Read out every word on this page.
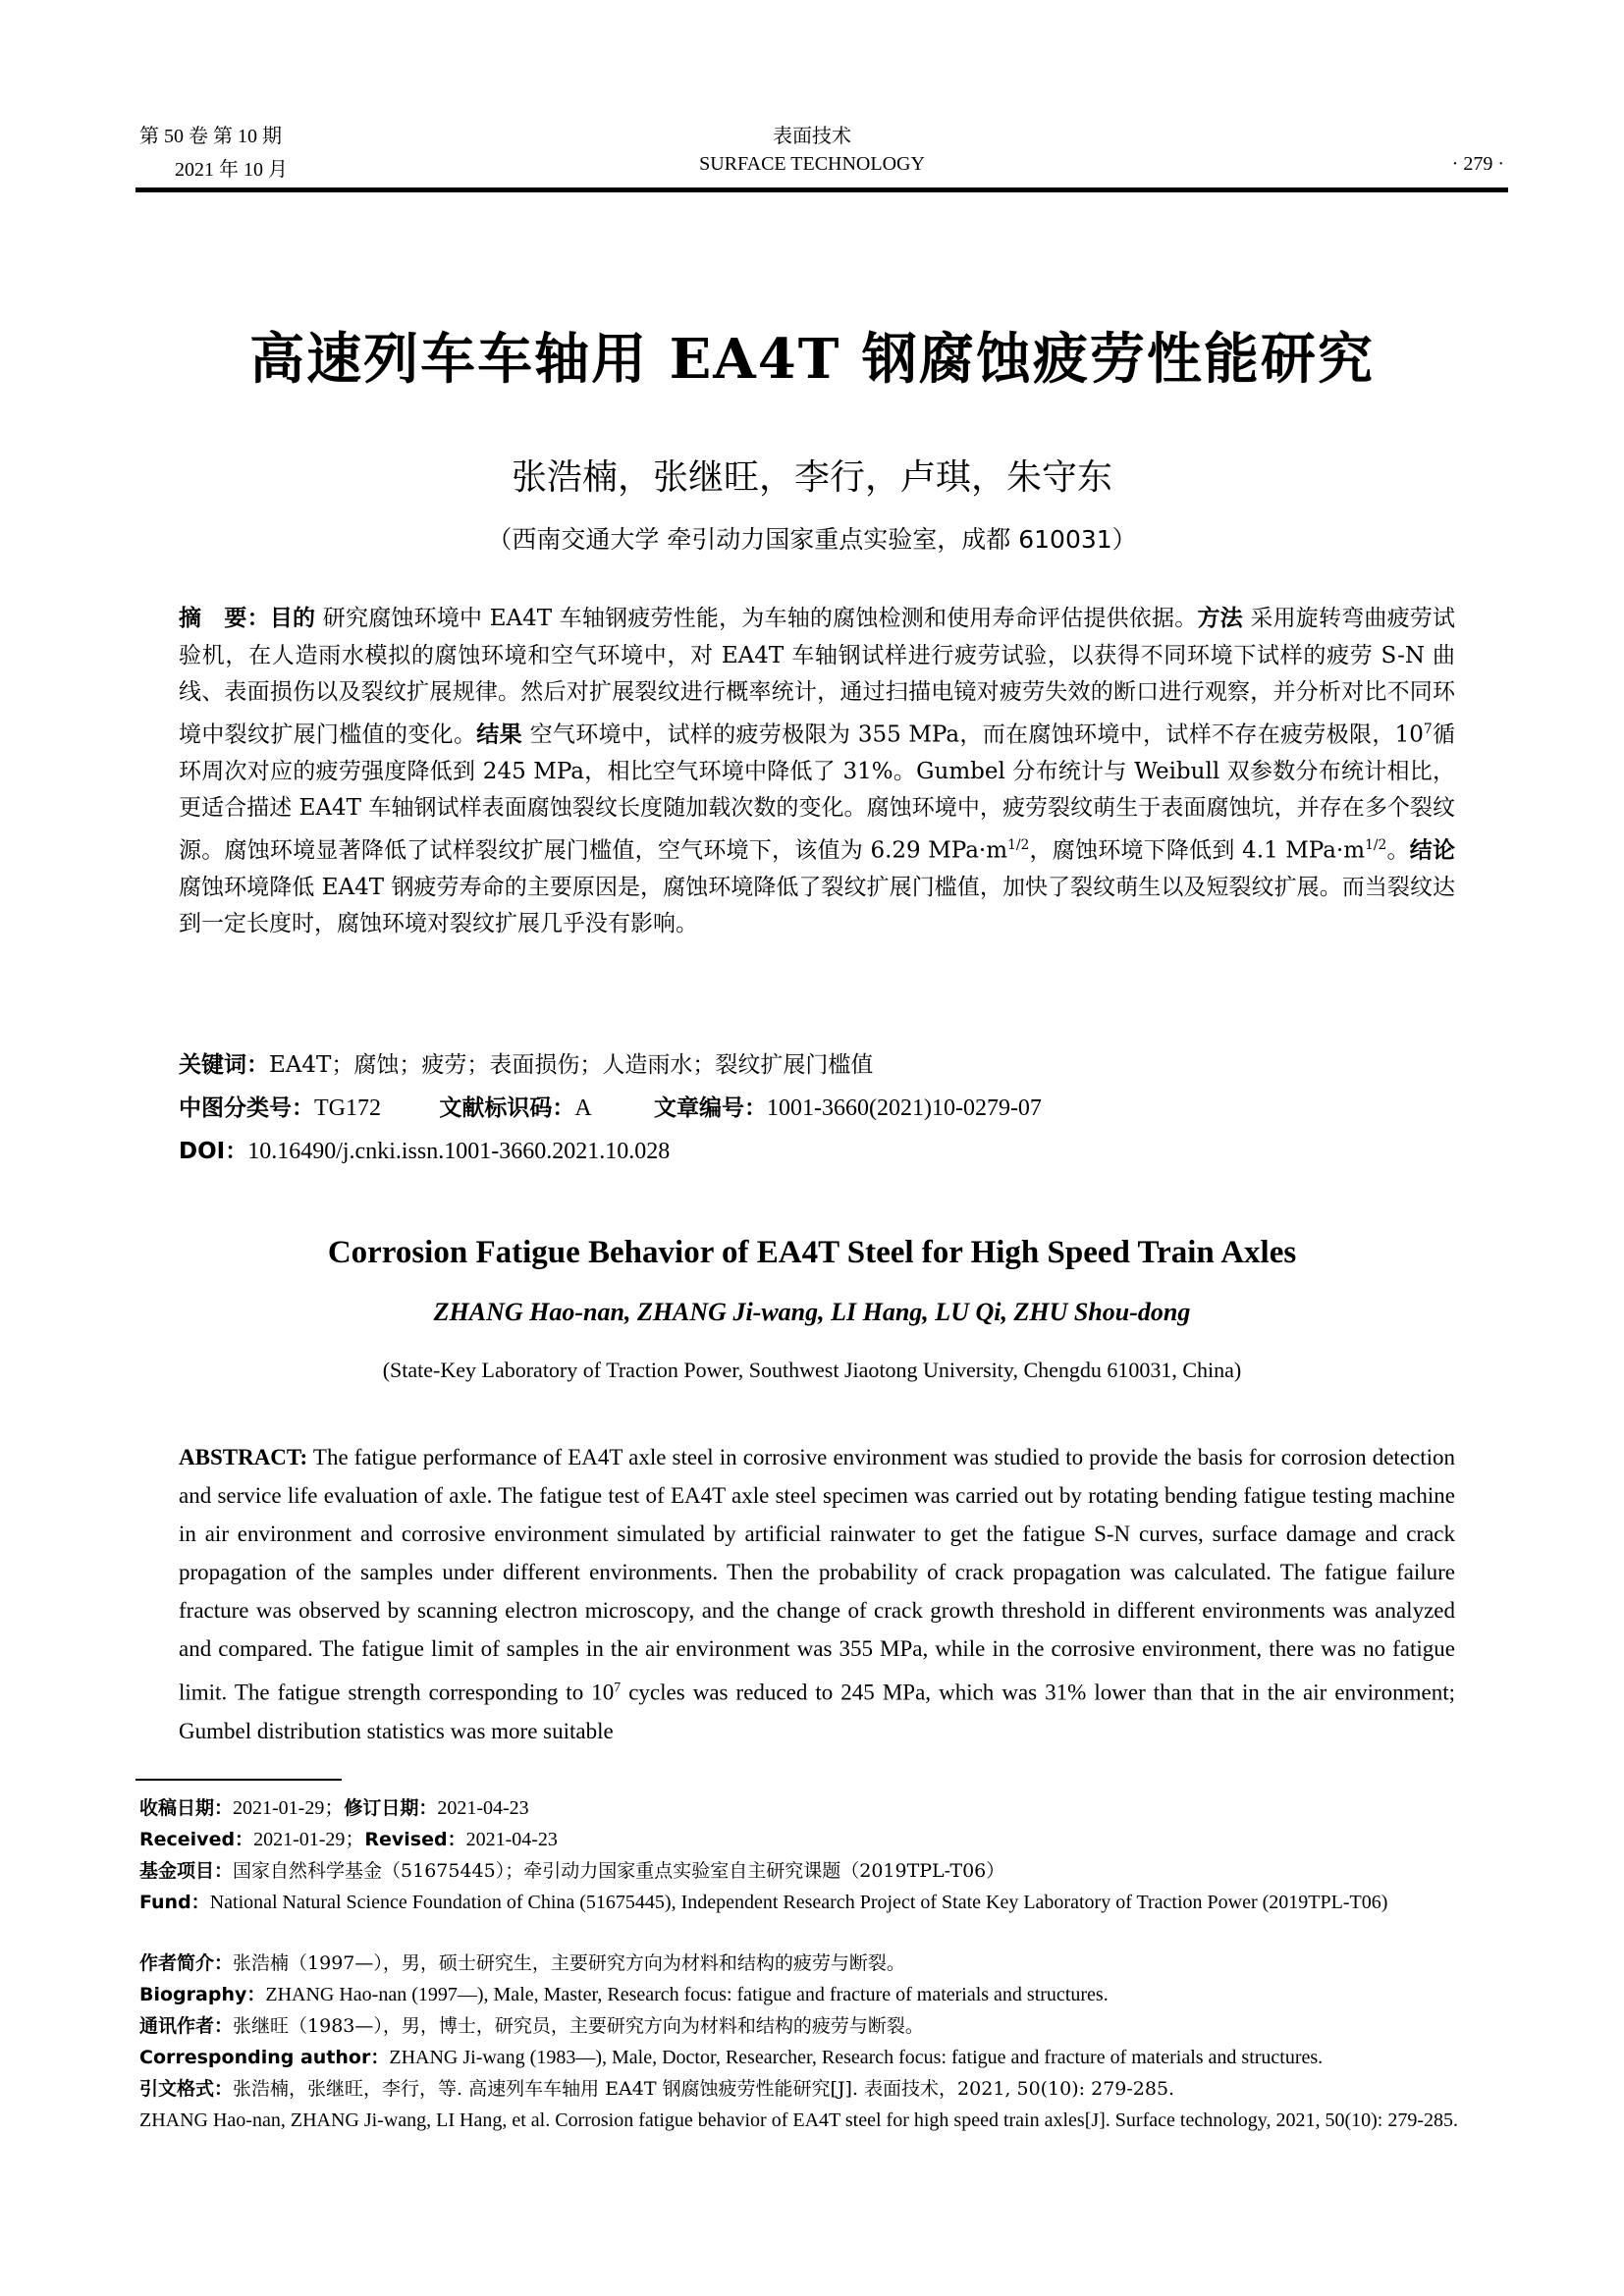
第 50 卷 第 10 期
2021 年 10 月
表面技术
SURFACE TECHNOLOGY	· 279 ·
高速列车车轴用 EA4T 钢腐蚀疲劳性能研究
张浩楠，张继旺，李行，卢琪，朱守东
（西南交通大学 牵引动力国家重点实验室，成都 610031）
摘　要：目的 研究腐蚀环境中 EA4T 车轴钢疲劳性能，为车轴的腐蚀检测和使用寿命评估提供依据。方法 采用旋转弯曲疲劳试验机，在人造雨水模拟的腐蚀环境和空气环境中，对 EA4T 车轴钢试样进行疲劳试验，以获得不同环境下试样的疲劳 S-N 曲线、表面损伤以及裂纹扩展规律。然后对扩展裂纹进行概率统计，通过扫描电镜对疲劳失效的断口进行观察，并分析对比不同环境中裂纹扩展门槛值的变化。结果 空气环境中，试样的疲劳极限为 355 MPa，而在腐蚀环境中，试样不存在疲劳极限，$10^7$循环周次对应的疲劳强度降低到 245 MPa，相比空气环境中降低了 31%。Gumbel 分布统计与 Weibull 双参数分布统计相比，更适合描述 EA4T 车轴钢试样表面腐蚀裂纹长度随加载次数的变化。腐蚀环境中，疲劳裂纹萌生于表面腐蚀坑，并存在多个裂纹源。腐蚀环境显著降低了试样裂纹扩展门槛值，空气环境下，该值为 6.29 $MPa\cdot m^{1/2}$，腐蚀环境下降低到 4.1 $MPa\cdot m^{1/2}$。结论 腐蚀环境降低 EA4T 钢疲劳寿命的主要原因是，腐蚀环境降低了裂纹扩展门槛值，加快了裂纹萌生以及短裂纹扩展。而当裂纹达到一定长度时，腐蚀环境对裂纹扩展几乎没有影响。
关键词：EA4T；腐蚀；疲劳；表面损伤；人造雨水；裂纹扩展门槛值
中图分类号：TG172	文献标识码：A	文章编号：1001-3660(2021)10-0279-07
DOI：10.16490/j.cnki.issn.1001-3660.2021.10.028
Corrosion Fatigue Behavior of EA4T Steel for High Speed Train Axles
ZHANG Hao-nan, ZHANG Ji-wang, LI Hang, LU Qi, ZHU Shou-dong
(State-Key Laboratory of Traction Power, Southwest Jiaotong University, Chengdu 610031, China)
ABSTRACT: The fatigue performance of EA4T axle steel in corrosive environment was studied to provide the basis for corrosion detection and service life evaluation of axle. The fatigue test of EA4T axle steel specimen was carried out by rotating bending fatigue testing machine in air environment and corrosive environment simulated by artificial rainwater to get the fatigue S-N curves, surface damage and crack propagation of the samples under different environments. Then the probability of crack propagation was calculated. The fatigue failure fracture was observed by scanning electron microscopy, and the change of crack growth threshold in different environments was analyzed and compared. The fatigue limit of samples in the air environment was 355 MPa, while in the corrosive environment, there was no fatigue limit. The fatigue strength corresponding to $10^7$ cycles was reduced to 245 MPa, which was 31% lower than that in the air environment; Gumbel distribution statistics was more suitable
收稿日期：2021-01-29；修订日期：2021-04-23
Received：2021-01-29；Revised：2021-04-23
基金项目：国家自然科学基金（51675445）；牵引动力国家重点实验室自主研究课题（2019TPL-T06）
Fund：National Natural Science Foundation of China (51675445), Independent Research Project of State Key Laboratory of Traction Power (2019TPL-T06)
作者简介：张浩楠（1997—），男，硕士研究生，主要研究方向为材料和结构的疲劳与断裂。
Biography：ZHANG Hao-nan (1997—), Male, Master, Research focus: fatigue and fracture of materials and structures.
通讯作者：张继旺（1983—），男，博士，研究员，主要研究方向为材料和结构的疲劳与断裂。
Corresponding author：ZHANG Ji-wang (1983—), Male, Doctor, Researcher, Research focus: fatigue and fracture of materials and structures.
引文格式：张浩楠，张继旺，李行，等. 高速列车车轴用 EA4T 钢腐蚀疲劳性能研究[J]. 表面技术，2021, 50(10): 279-285.
ZHANG Hao-nan, ZHANG Ji-wang, LI Hang, et al. Corrosion fatigue behavior of EA4T steel for high speed train axles[J]. Surface technology, 2021, 50(10): 279-285.
